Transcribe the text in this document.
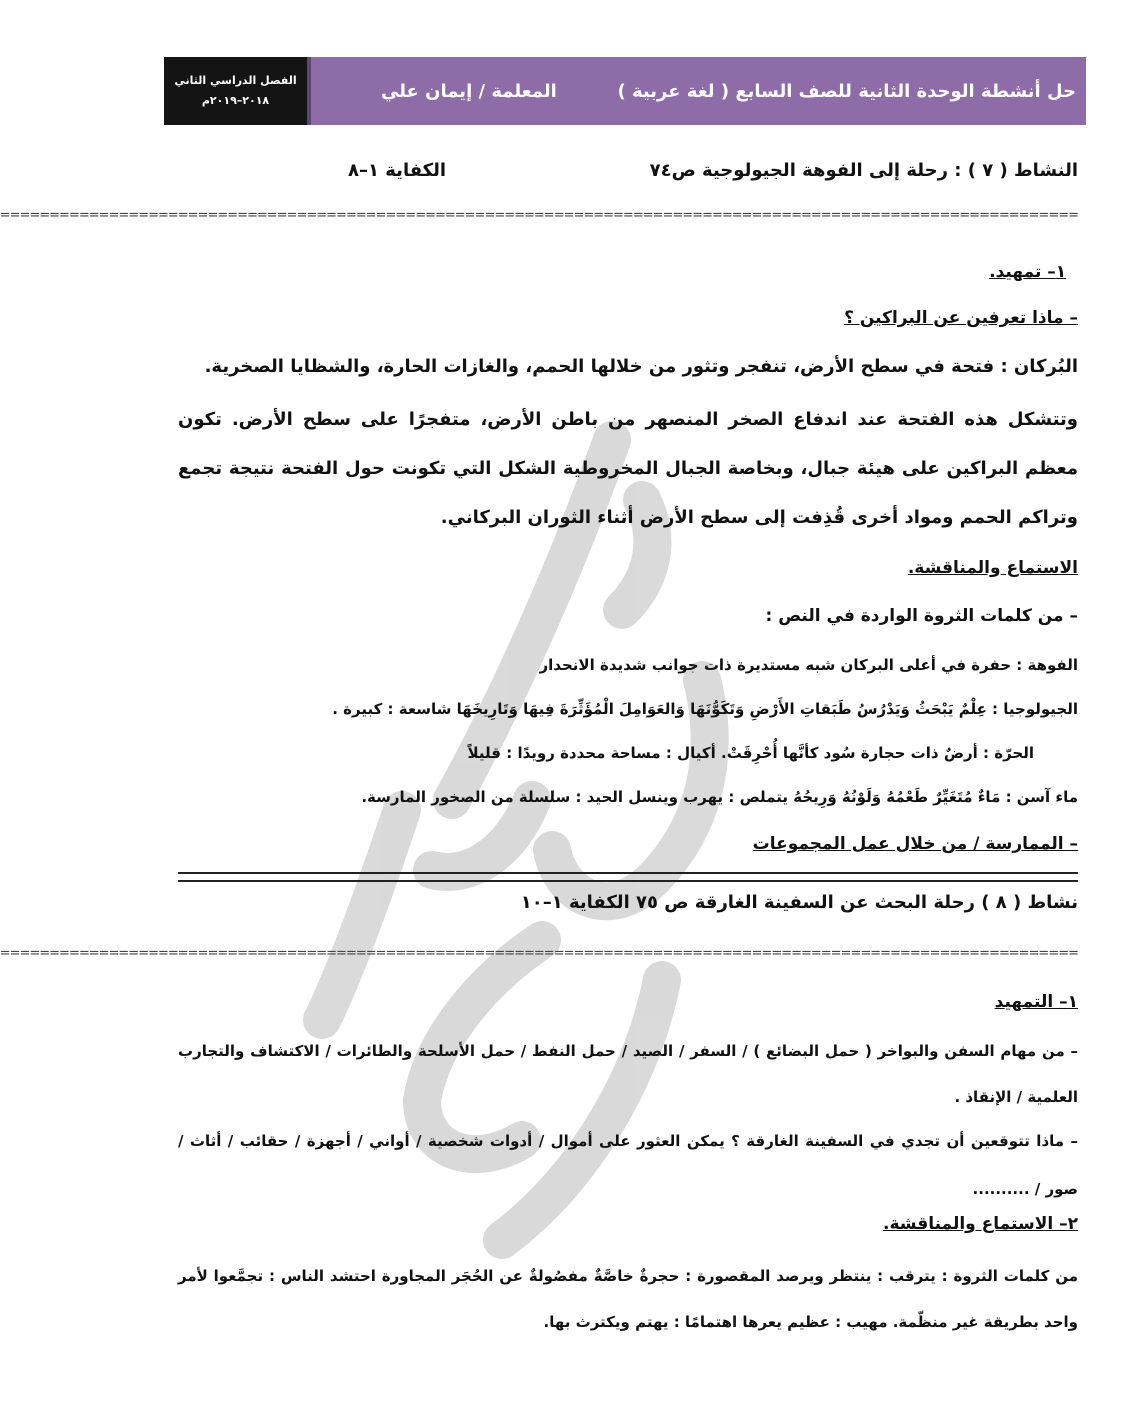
الفصل الدراسي الثاني
٢٠١٨–٢٠١٩م	حل أنشطة الوحدة الثانية للصف السابع ( لغة عربية )
المعلمة / إيمان علي
النشاط ( ٧ ) : رحلة إلى الفوهة الجيولوجية ص٧٤
الكفاية ١–٨
=============================================================================================================
١– تمهيد.
– ماذا تعرفين عن البراكين ؟
البُركان : فتحة في سطح الأرض، تنفجر وتثور من خلالها الحمم، والغازات الحارة، والشظايا الصخرية.
وتتشكل هذه الفتحة عند اندفاع الصخر المنصهر من باطن الأرض، متفجرًا على سطح الأرض. تكون معظم البراكين على هيئة جبال، وبخاصة الجبال المخروطية الشكل التي تكونت حول الفتحة نتيجة تجمع وتراكم الحمم ومواد أخرى قُذِفت إلى سطح الأرض أثناء الثوران البركاني.
الاستماع والمناقشة.
– من كلمات الثروة الواردة في النص :
الفوهة : حفرة في أعلى البركان شبه مستديرة ذات جوانب شديدة الانحدار
الجيولوجيا : عِلْمٌ يَبْحَثُ وَيَدْرُسُ طَبَقاتِ الأَرْضِ وَتَكَوُّنَهَا وَالعَوَامِلَ الْمُؤَثِّرَةَ فِيهَا وَتَارِيخَهَا شاسعة : كبيرة .
الحرّة : أرضٌ ذات حجارة سُود كأنَّها أُحْرِقَتْ. أكيال : مساحة محددة رويدًا : قليلاً
ماء آسن : مَاءٌ مُتَغَيِّرٌ طَعْمُهُ وَلَوْنُهُ وَرِيحُهُ يتملص : يهرب وينسل الحيد : سلسلة من الصخور المارسة.
– الممارسة / من خلال عمل المجموعات
نشاط ( ٨ ) رحلة البحث عن السفينة الغارقة ص ٧٥ الكفاية ١–١٠
=============================================================================================================
١– التمهيد
– من مهام السفن والبواخر ( حمل البضائع ) / السفر / الصيد / حمل النفط / حمل الأسلحة والطائرات / الاكتشاف والتجارب العلمية / الإنقاذ .
– ماذا تتوقعين أن تجدي في السفينة الغارقة ؟ يمكن العثور على أموال / أدوات شخصية / أواني / أجهزة / حقائب / أثاث / صور / ..........
٢– الاستماع والمناقشة.
من كلمات الثروة : يترقب : ينتظر ويرصد المقصورة : حجرةٌ خاصَّةٌ مفصُولةٌ عن الحُجَر المجاورة احتشد الناس : تجمَّعوا لأمر واحد بطريقة غير منظّمة. مهيب : عظيم يعرها اهتمامًا : يهتم ويكترث بها.
